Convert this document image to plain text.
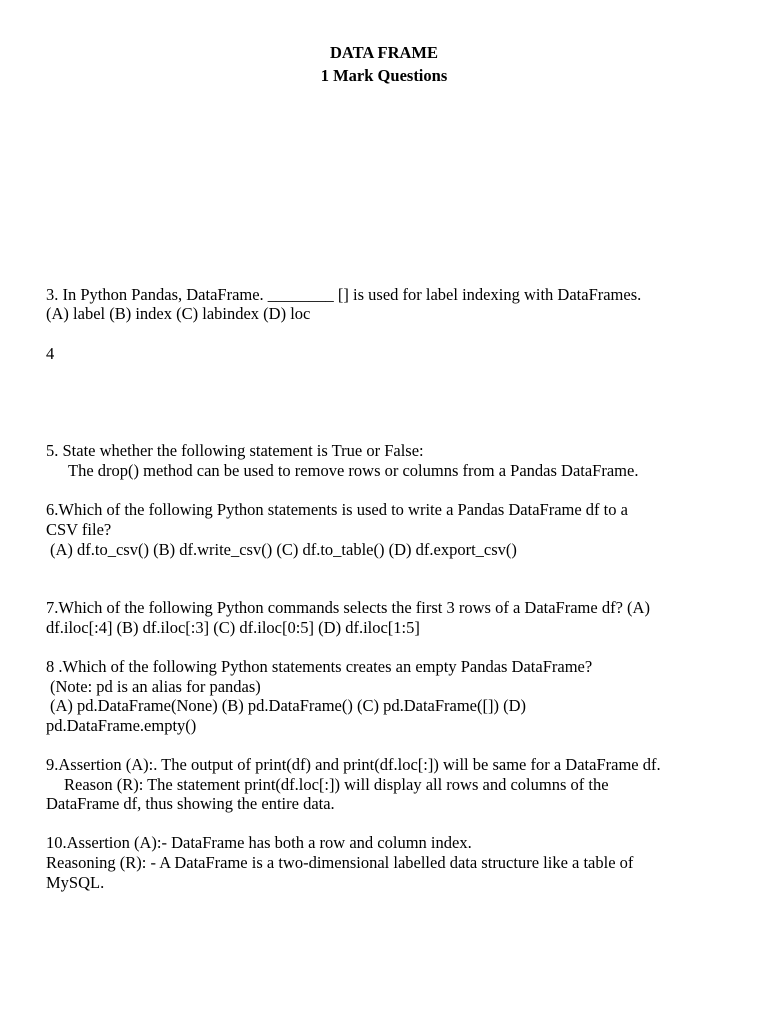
DATA FRAME
1 Mark Questions
3. In Python Pandas, DataFrame. ________ [] is used for label indexing with DataFrames.
(A) label (B) index (C) labindex (D) loc
4
5. State whether the following statement is True or False:
The drop() method can be used to remove rows or columns from a Pandas DataFrame.
6.Which of the following Python statements is used to write a Pandas DataFrame df to a
CSV file?
(A) df.to_csv() (B) df.write_csv() (C) df.to_table() (D) df.export_csv()
7.Which of the following Python commands selects the first 3 rows of a DataFrame df? (A)
df.iloc[:4] (B) df.iloc[:3] (C) df.iloc[0:5] (D) df.iloc[1:5]
8 .Which of the following Python statements creates an empty Pandas DataFrame?
(Note: pd is an alias for pandas)
(A) pd.DataFrame(None) (B) pd.DataFrame() (C) pd.DataFrame([]) (D)
pd.DataFrame.empty()
9.Assertion (A):. The output of print(df) and print(df.loc[:]) will be same for a DataFrame df.
Reason (R): The statement print(df.loc[:]) will display all rows and columns of the
DataFrame df, thus showing the entire data.
10.Assertion (A):- DataFrame has both a row and column index.
Reasoning (R): - A DataFrame is a two-dimensional labelled data structure like a table of
MySQL.
